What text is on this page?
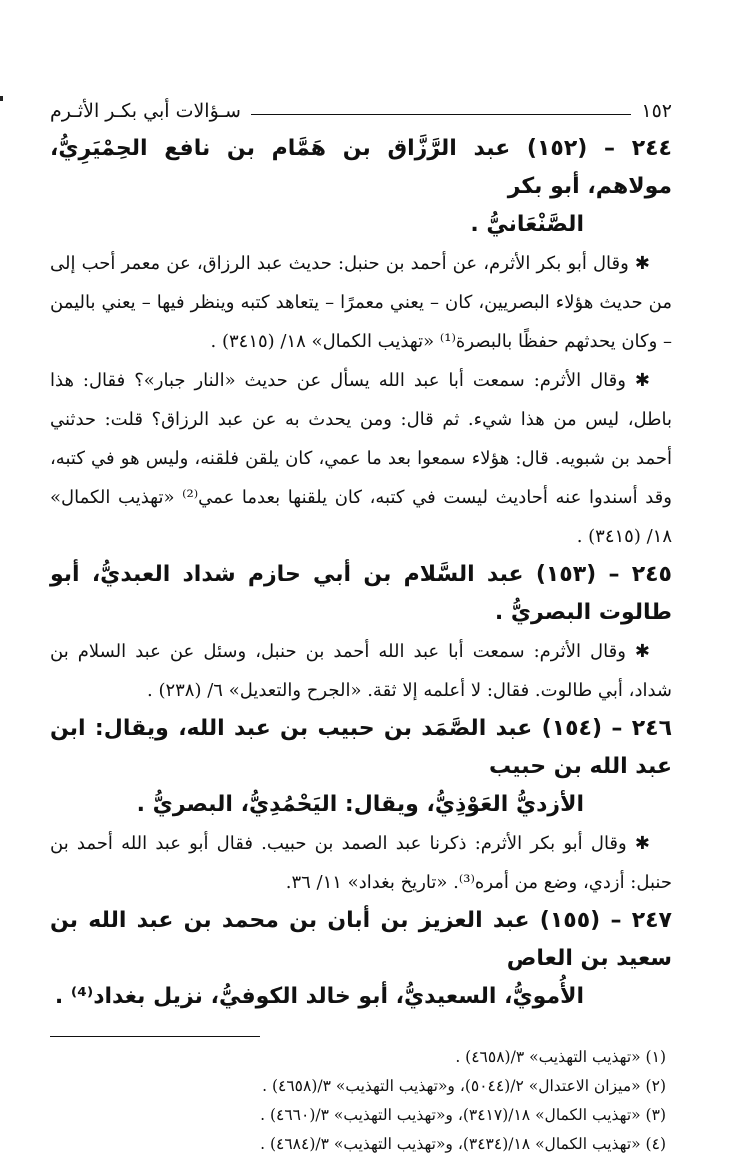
١٥٢
سـؤالات أبي بكـر الأثـرم
٢٤٤ – (١٥٢) عبد الرَّزَّاق بن هَمَّام بن نافع الحِمْيَرِيُّ، مولاهم، أبو بكر
الصَّنْعَانيُّ .

✱ وقال أبو بكر الأثرم، عن أحمد بن حنبل: حديث عبد الرزاق، عن معمر أحب إلى من حديث هؤلاء البصريين، كان – يعني معمرًا – يتعاهد كتبه وينظر فيها – يعني باليمن – وكان يحدثهم حفظًا بالبصرة⁽¹⁾ «تهذيب الكمال» ١٨/ (٣٤١٥) .

✱ وقال الأثرم: سمعت أبا عبد الله يسأل عن حديث «النار جبار»؟ فقال: هذا باطل، ليس من هذا شيء. ثم قال: ومن يحدث به عن عبد الرزاق؟ قلت: حدثني أحمد بن شبويه. قال: هؤلاء سمعوا بعد ما عمي، كان يلقن فلقنه، وليس هو في كتبه، وقد أسندوا عنه أحاديث ليست في كتبه، كان يلقنها بعدما عمي⁽²⁾ «تهذيب الكمال» ١٨/ (٣٤١٥) .

٢٤٥ – (١٥٣) عبد السَّلام بن أبي حازم شداد العبديُّ، أبو طالوت البصريُّ .

✱ وقال الأثرم: سمعت أبا عبد الله أحمد بن حنبل، وسئل عن عبد السلام بن شداد، أبي طالوت. فقال: لا أعلمه إلا ثقة. «الجرح والتعديل» ٦/ (٢٣٨) .

٢٤٦ – (١٥٤) عبد الصَّمَد بن حبيب بن عبد الله، ويقال: ابن عبد الله بن حبيب
الأزديُّ العَوْذِيُّ، ويقال: اليَحْمُدِيُّ، البصريُّ .

✱ وقال أبو بكر الأثرم: ذكرنا عبد الصمد بن حبيب. فقال أبو عبد الله أحمد بن حنبل: أزدي، وضع من أمره⁽³⁾. «تاريخ بغداد» ١١/ ٣٦.

٢٤٧ – (١٥٥) عبد العزيز بن أبان بن محمد بن عبد الله بن سعيد بن العاص
الأُمويُّ، السعيديُّ، أبو خالد الكوفيُّ، نزيل بغداد⁽⁴⁾ .

(١) «تهذيب التهذيب» ٣/(٤٦٥٨) .

(٢) «ميزان الاعتدال» ٢/(٥٠٤٤)، و«تهذيب التهذيب» ٣/(٤٦٥٨) .

(٣) «تهذيب الكمال» ١٨/(٣٤١٧)، و«تهذيب التهذيب» ٣/(٤٦٦٠) .

(٤) «تهذيب الكمال» ١٨/(٣٤٣٤)، و«تهذيب التهذيب» ٣/(٤٦٨٤) .
